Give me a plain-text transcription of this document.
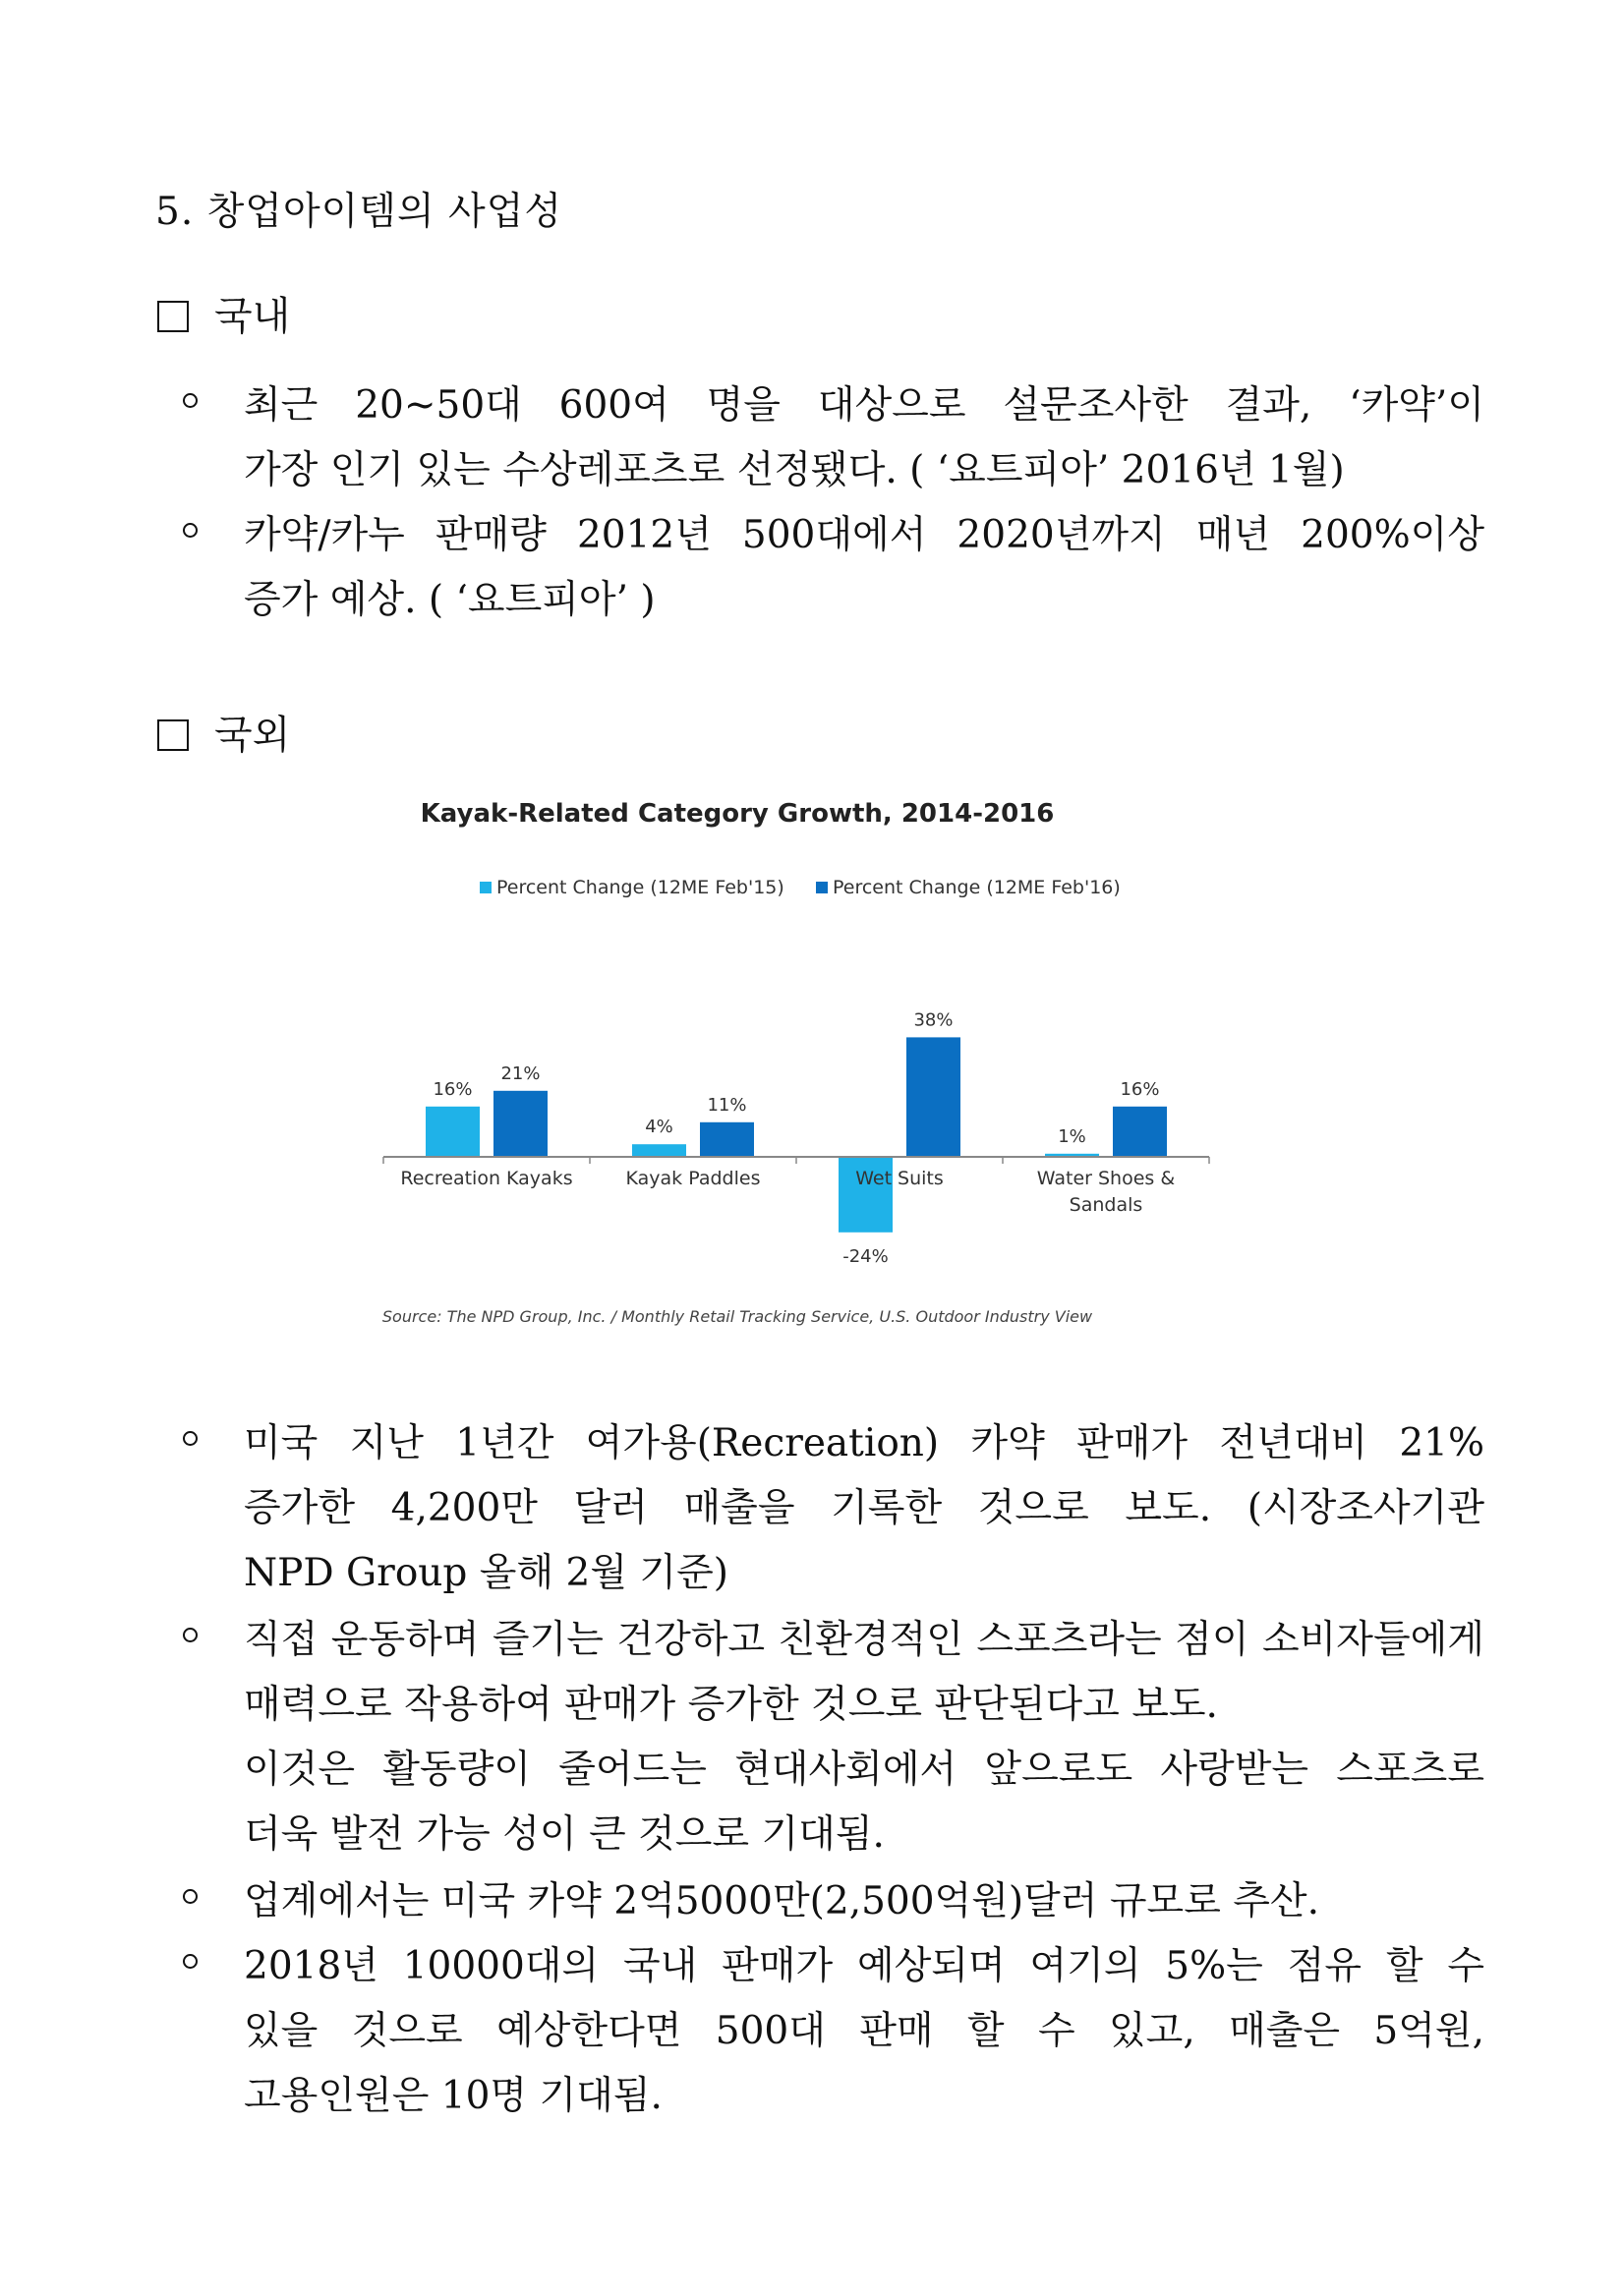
5. 창업아이템의 사업성
국내
최근 20~50대 600여 명을 대상으로 설문조사한 결과, ‘카약’이
가장 인기 있는 수상레포츠로 선정됐다. ( ‘요트피아’ 2016년 1월)
카약/카누 판매량 2012년 500대에서 2020년까지 매년 200%이상
증가 예상. ( ‘요트피아’ )
국외
Kayak-Related Category Growth, 2014-2016
Percent Change (12ME Feb'15)	Percent Change (12ME Feb'16)
16%
21%
Recreation Kayaks
4%
11%
Kayak Paddles
-24%
38%
Wet Suits
1%
16%
Water Shoes &
Sandals
Source: The NPD Group, Inc. / Monthly Retail Tracking Service, U.S. Outdoor Industry View
미국 지난 1년간 여가용(Recreation) 카약 판매가 전년대비 21%
증가한 4,200만 달러 매출을 기록한 것으로 보도. (시장조사기관
NPD Group 올해 2월 기준)
직접 운동하며 즐기는 건강하고 친환경적인 스포츠라는 점이 소비자들에게
매력으로 작용하여 판매가 증가한 것으로 판단된다고 보도.
이것은 활동량이 줄어드는 현대사회에서 앞으로도 사랑받는 스포츠로
더욱 발전 가능 성이 큰 것으로 기대됨.
업계에서는 미국 카약 2억5000만(2,500억원)달러 규모로 추산.
2018년 10000대의 국내 판매가 예상되며 여기의 5%는 점유 할 수
있을 것으로 예상한다면 500대 판매 할 수 있고, 매출은 5억원,
고용인원은 10명 기대됨.
